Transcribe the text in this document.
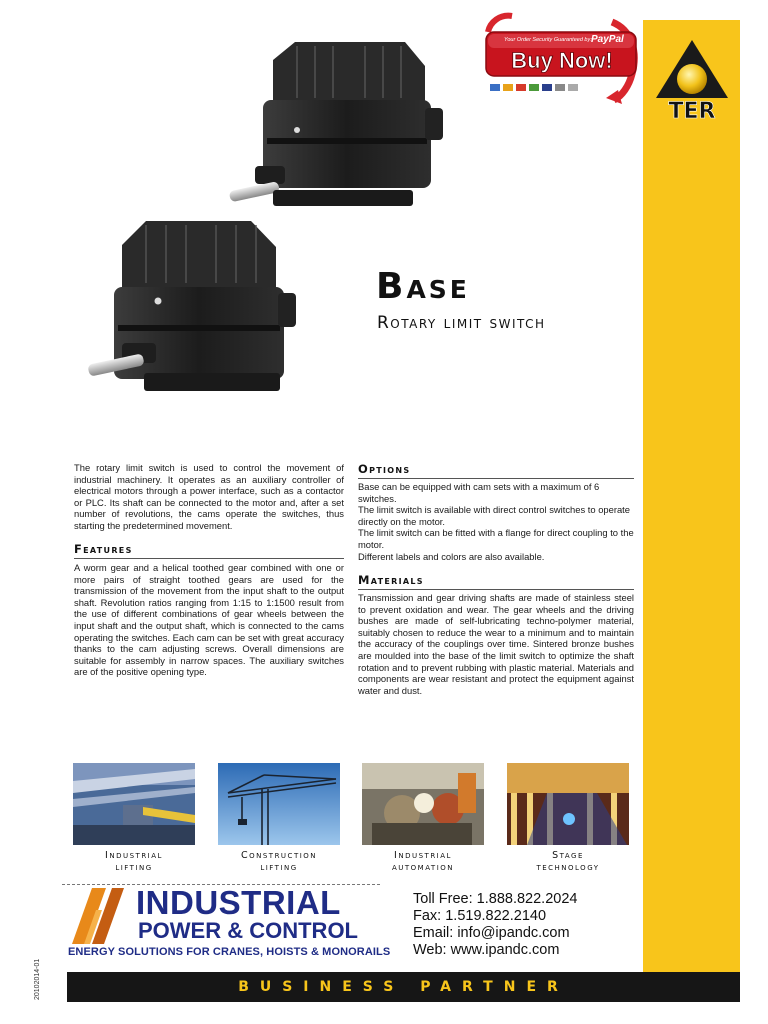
BUSINESS PARTNER
TER
Your Order Security Guaranteed by: PayPal
Buy Now!
Base
Rotary limit switch
The rotary limit switch is used to control the movement of industrial machinery. It operates as an auxiliary controller of electrical motors through a power interface, such as a contactor or PLC. Its shaft can be connected to the motor and, after a set number of revolutions, the cams operate the switches, thus starting the predetermined movement.
Features
A worm gear and a helical toothed gear combined with one or more pairs of straight toothed gears are used for the transmission of the movement from the input shaft to the output shaft. Revolution ratios ranging from 1:15 to 1:1500 result from the use of different combinations of gear wheels between the input shaft and the output shaft, which is connected to the cams operating the switches. Each cam can be set with great accuracy thanks to the cam adjusting screws. Overall dimensions are suitable for assembly in narrow spaces. The auxiliary switches are of the positive opening type.
Options
Base can be equipped with cam sets with a maximum of 6 switches.
The limit switch is available with direct control switches to operate directly on the motor.
The limit switch can be fitted with a flange for direct coupling to the motor.
Different labels and colors are also available.
Materials
Transmission and gear driving shafts are made of stainless steel to prevent oxidation and wear. The gear wheels and the driving bushes are made of self-lubricating techno-polymer material, suitably chosen to reduce the wear to a minimum and to maintain the accuracy of the couplings over time. Sintered bronze bushes are moulded into the base of the limit switch to optimize the shaft rotation and to prevent rubbing with plastic material. Materials and components are wear resistant and protect the equipment against water and dust.
Industrial
lifting
Construction
lifting
Industrial
automation
Stage
technology
INDUSTRIAL
POWER & CONTROL
ENERGY SOLUTIONS FOR CRANES, HOISTS & MONORAILS
Toll Free: 1.888.822.2024
Fax: 1.519.822.2140
Email: info@ipandc.com
Web: www.ipandc.com
20102014-01
